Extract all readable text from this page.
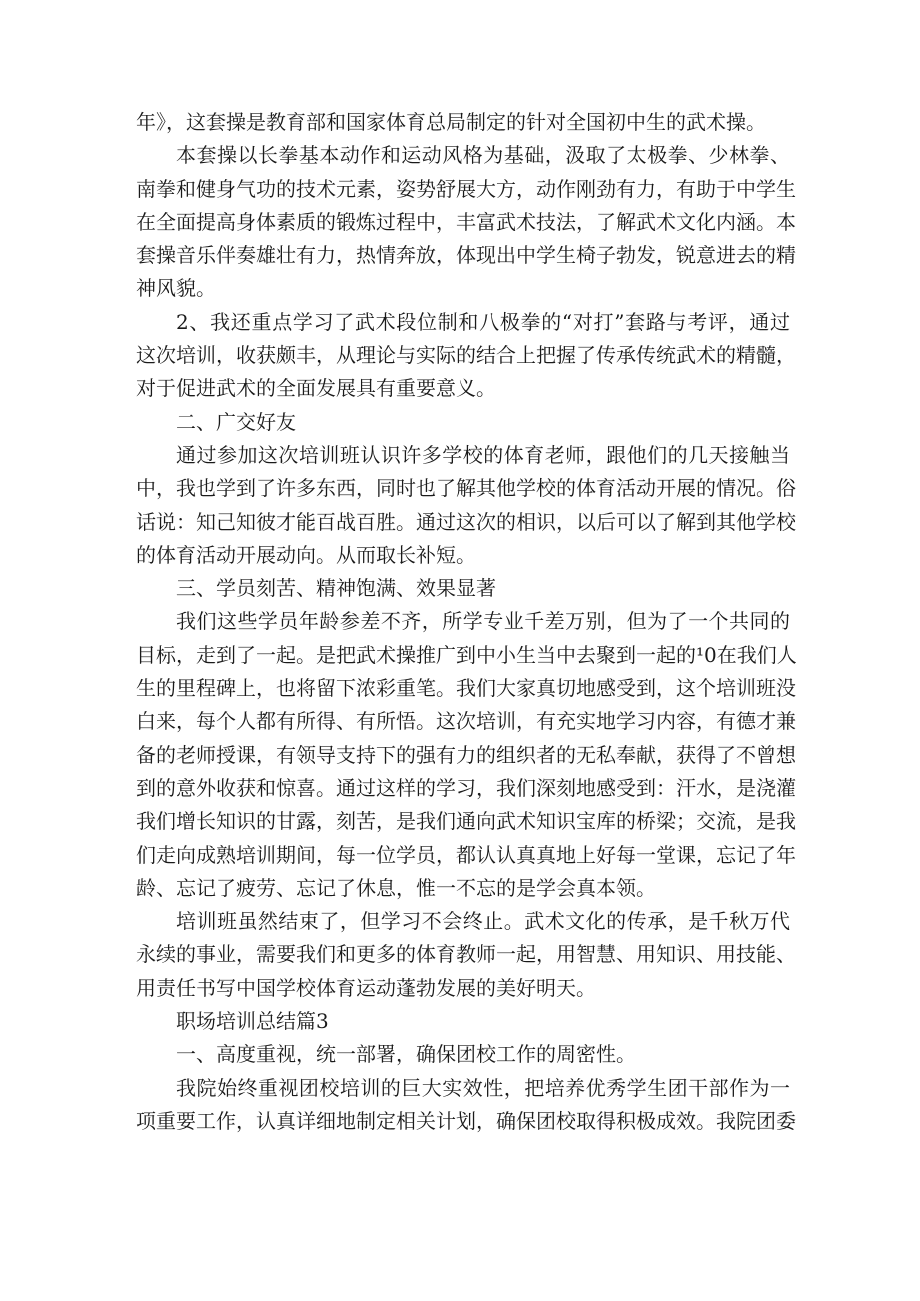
年》，这套操是教育部和国家体育总局制定的针对全国初中生的武术操。
本套操以长拳基本动作和运动风格为基础，汲取了太极拳、少林拳、
南拳和健身气功的技术元素，姿势舒展大方，动作刚劲有力，有助于中学生
在全面提高身体素质的锻炼过程中，丰富武术技法，了解武术文化内涵。本
套操音乐伴奏雄壮有力，热情奔放，体现出中学生椅子勃发，锐意进去的精
神风貌。
2、我还重点学习了武术段位制和八极拳的“对打”套路与考评，通过
这次培训，收获颇丰，从理论与实际的结合上把握了传承传统武术的精髓，
对于促进武术的全面发展具有重要意义。
二、广交好友
通过参加这次培训班认识许多学校的体育老师，跟他们的几天接触当
中，我也学到了许多东西，同时也了解其他学校的体育活动开展的情况。俗
话说：知己知彼才能百战百胜。通过这次的相识，以后可以了解到其他学校
的体育活动开展动向。从而取长补短。
三、学员刻苦、精神饱满、效果显著
我们这些学员年龄参差不齐，所学专业千差万别，但为了一个共同的
目标，走到了一起。是把武术操推广到中小生当中去聚到一起的¹0在我们人
生的里程碑上，也将留下浓彩重笔。我们大家真切地感受到，这个培训班没
白来，每个人都有所得、有所悟。这次培训，有充实地学习内容，有德才兼
备的老师授课，有领导支持下的强有力的组织者的无私奉献，获得了不曾想
到的意外收获和惊喜。通过这样的学习，我们深刻地感受到：汗水，是浇灌
我们增长知识的甘露，刻苦，是我们通向武术知识宝库的桥梁；交流，是我
们走向成熟培训期间，每一位学员，都认认真真地上好每一堂课，忘记了年
龄、忘记了疲劳、忘记了休息，惟一不忘的是学会真本领。
培训班虽然结束了，但学习不会终止。武术文化的传承，是千秋万代
永续的事业，需要我们和更多的体育教师一起，用智慧、用知识、用技能、
用责任书写中国学校体育运动蓬勃发展的美好明天。
职场培训总结篇3
一、高度重视，统一部署，确保团校工作的周密性。
我院始终重视团校培训的巨大实效性，把培养优秀学生团干部作为一
项重要工作，认真详细地制定相关计划，确保团校取得积极成效。我院团委
